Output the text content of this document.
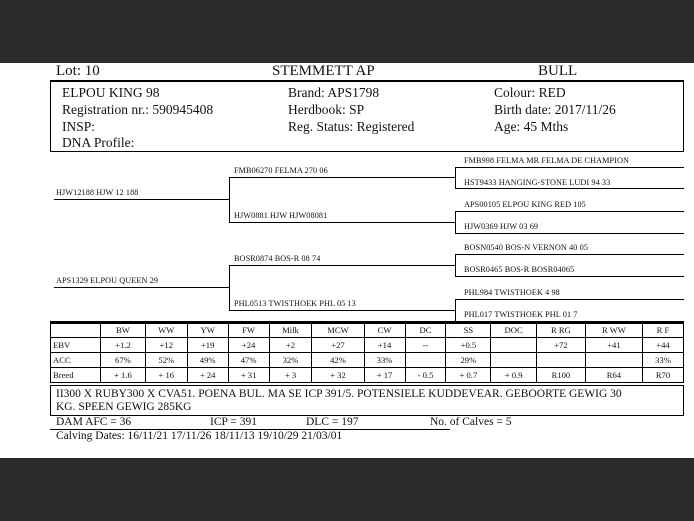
Lot: 10	STEMMETT AP	BULL
ELPOU KING 98
Registration nr.: 590945408
INSP:
DNA Profile:
Brand: APS1798
Herdbook: SP
Reg. Status: Registered
Colour: RED
Birth date: 2017/11/26
Age: 45 Mths
HJW12188 HJW 12 188
APS1329 ELPOU QUEEN 29
FMB06270 FELMA 270 06
HJW0881 HJW HJW08081
BOSR0874 BOS-R 08 74
PHL0513 TWISTHOEK PHL 05 13
FMB998 FELMA MR FELMA DE CHAMPION
HST9433 HANGING-STONE LUDI 94 33
APS00105 ELPOU KING RED 105
HJW0369 HJW 03 69
BOSN0540 BOS-N VERNON 40 05
BOSR0465 BOS-R BOSR04065
PHL984 TWISTHOEK 4 98
PHL017 TWISTHOEK PHL 01 7
	BW	WW	YW	FW	Milk	MCW	CW	DC	SS	DOC	R RG	R WW	R F
EBV	+1.2	+12	+19	+24	+2	+27	+14	--	+0.5		+72	+41	+44
ACC	67%	52%	49%	47%	32%	42%	33%		29%				33%
Breed	+ 1.6	+ 16	+ 24	+ 31	+ 3	+ 32	+ 17	- 0.5	+ 0.7	+ 0.9	R100	R64	R70
II300 X RUBY300 X CVA51. POENA BUL. MA SE ICP 391/5. POTENSIELE KUDDEVEAR. GEBOORTE GEWIG 30
KG. SPEEN GEWIG 285KG
DAM AFC = 36	ICP = 391	DLC = 197	No. of Calves = 5
Calving Dates: 16/11/21 17/11/26 18/11/13 19/10/29 21/03/01
